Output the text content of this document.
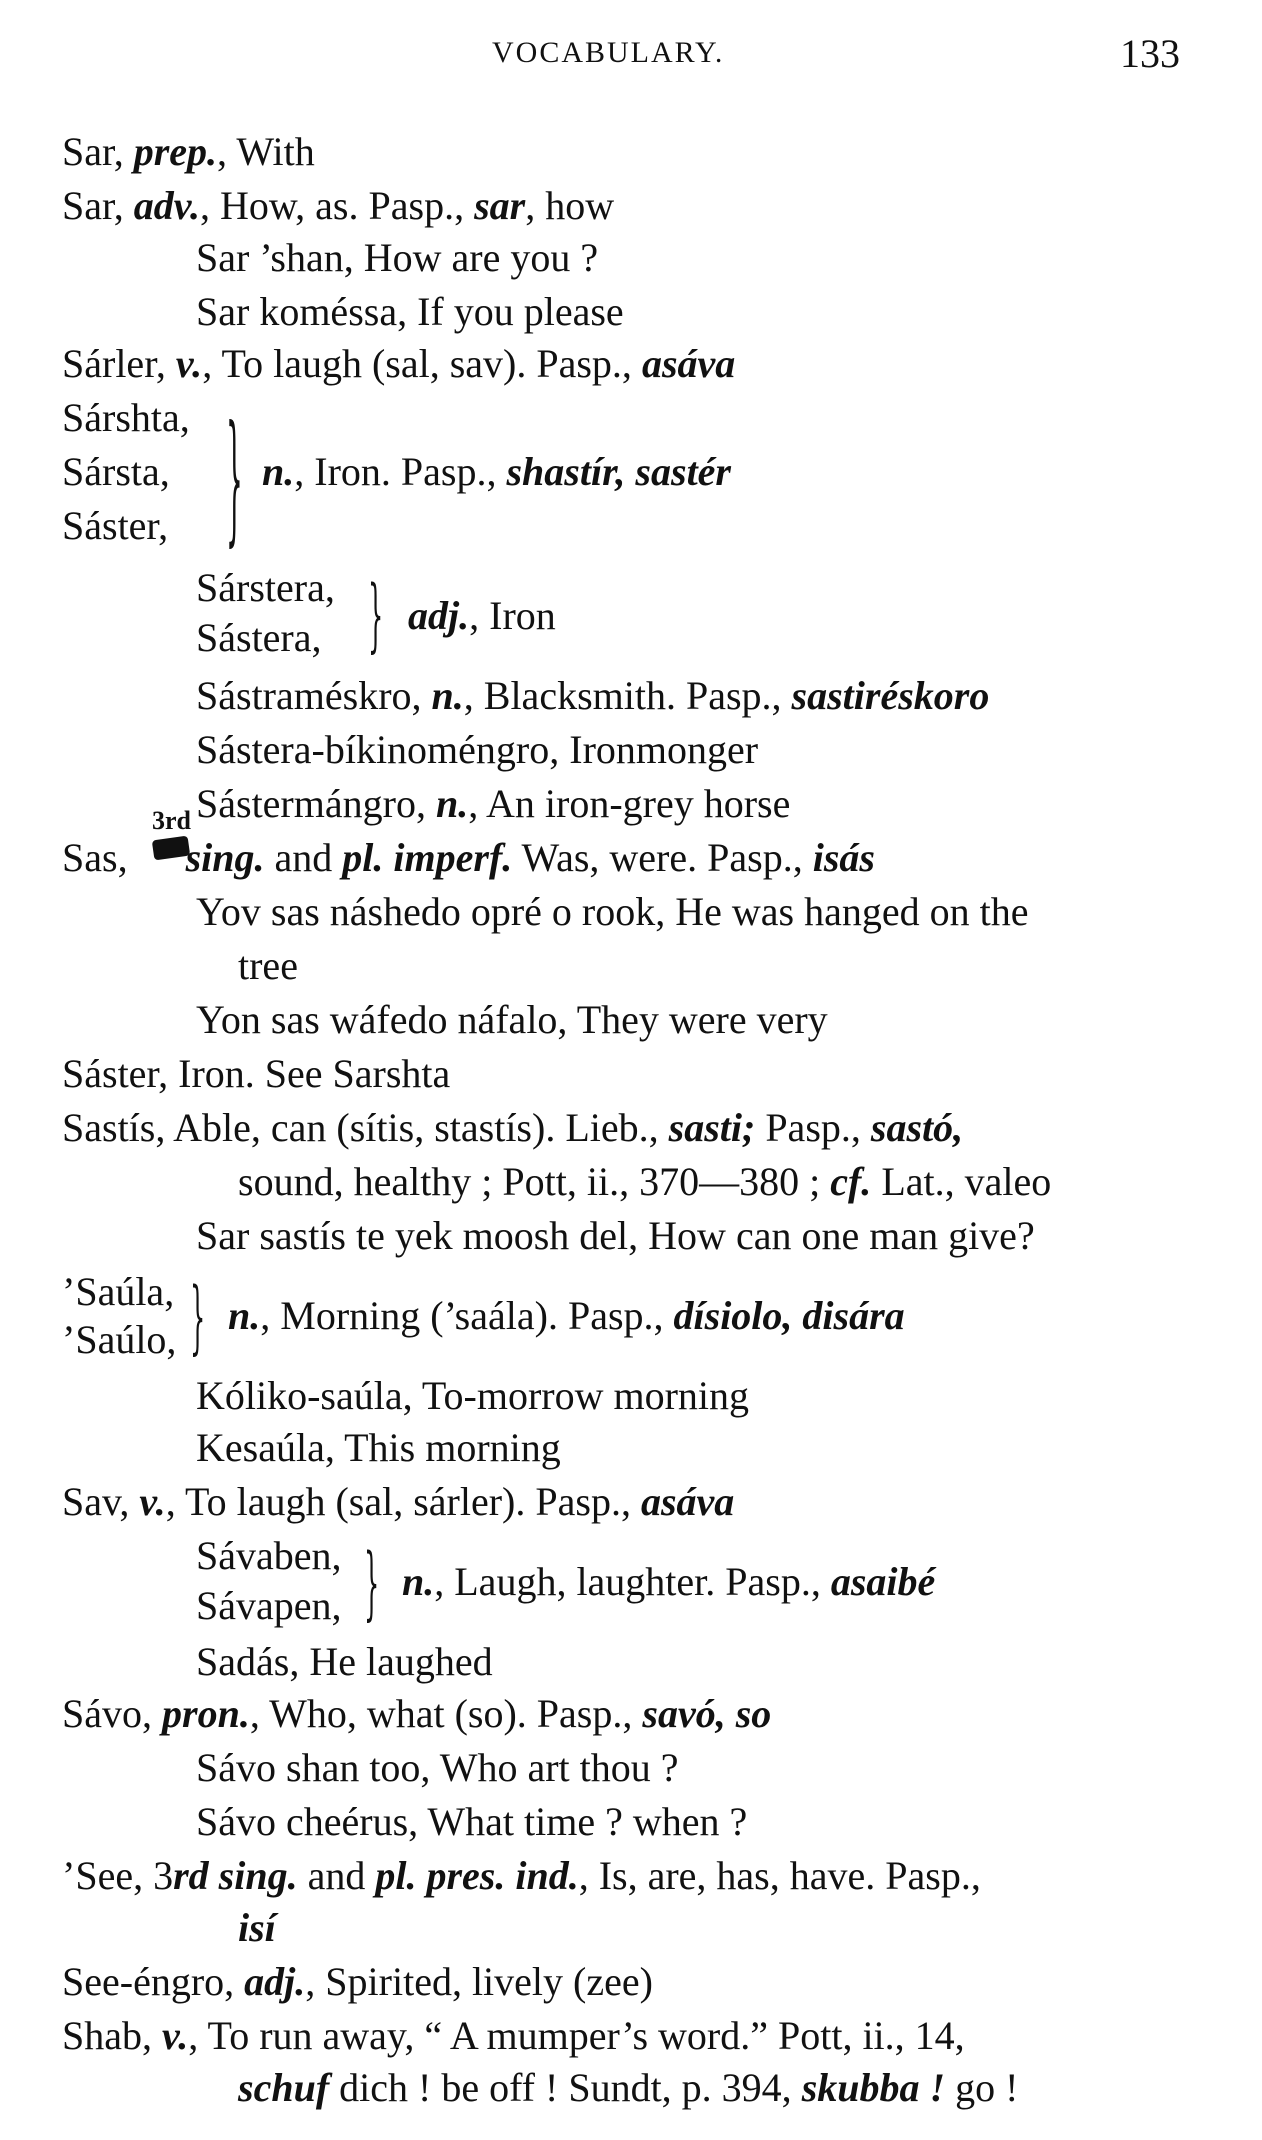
VOCABULARY.	133
Sar, prep., With
Sar, adv., How, as. Pasp., sar, how
Sar ’shan, How are you ?
Sar koméssa, If you please
Sárler, v., To laugh (sal, sav). Pasp., asáva
Sárshta,
Sársta,
Sáster, } n., Iron. Pasp., shastír, sastér
Sárstera,
Sástera, } adj., Iron
Sástraméskro, n., Blacksmith. Pasp., sastiréskoro
Sástera-bíkinoméngro, Ironmonger
Sástermángro, n., An iron-grey horse
3rd
Sas, sing. and pl. imperf. Was, were. Pasp., isás
Yov sas náshedo opré o rook, He was hanged on the
tree
Yon sas wáfedo náfalo, They were very
Sáster, Iron. See Sarshta
Sastís, Able, can (sítis, stastís). Lieb., sasti; Pasp., sastó,
sound, healthy ; Pott, ii., 370—380 ; cf. Lat., valeo
Sar sastís te yek moosh del, How can one man give?
’Saúla,
’Saúlo, } n., Morning (’saála). Pasp., dísiolo, disára
Kóliko-saúla, To-morrow morning
Kesaúla, This morning
Sav, v., To laugh (sal, sárler). Pasp., asáva
Sávaben,
Sávapen, } n., Laugh, laughter. Pasp., asaibé
Sadás, He laughed
Sávo, pron., Who, what (so). Pasp., savó, so
Sávo shan too, Who art thou ?
Sávo cheérus, What time ? when ?
’See, 3rd sing. and pl. pres. ind., Is, are, has, have. Pasp.,
isí
See-éngro, adj., Spirited, lively (zee)
Shab, v., To run away, “ A mumper’s word.” Pott, ii., 14,
schuf dich ! be off ! Sundt, p. 394, skubba ! go !
